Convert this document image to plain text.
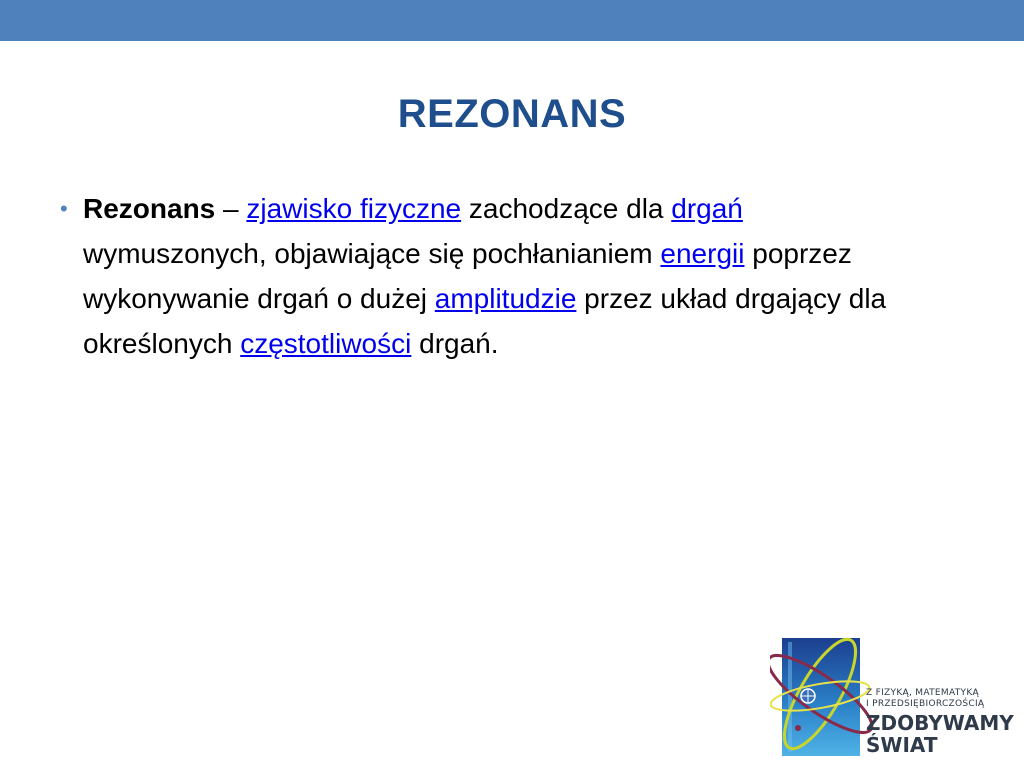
REZONANS
• Rezonans – zjawisko fizyczne zachodzące dla drgań wymuszonych, objawiające się pochłanianiem energii poprzez wykonywanie drgań o dużej amplitudzie przez układ drgający dla określonych częstotliwości drgań.
Z FIZYKĄ, MATEMATYKĄ
I PRZEDSIĘBIORCZOŚCIĄ
ZDOBYWAMY
ŚWIAT
